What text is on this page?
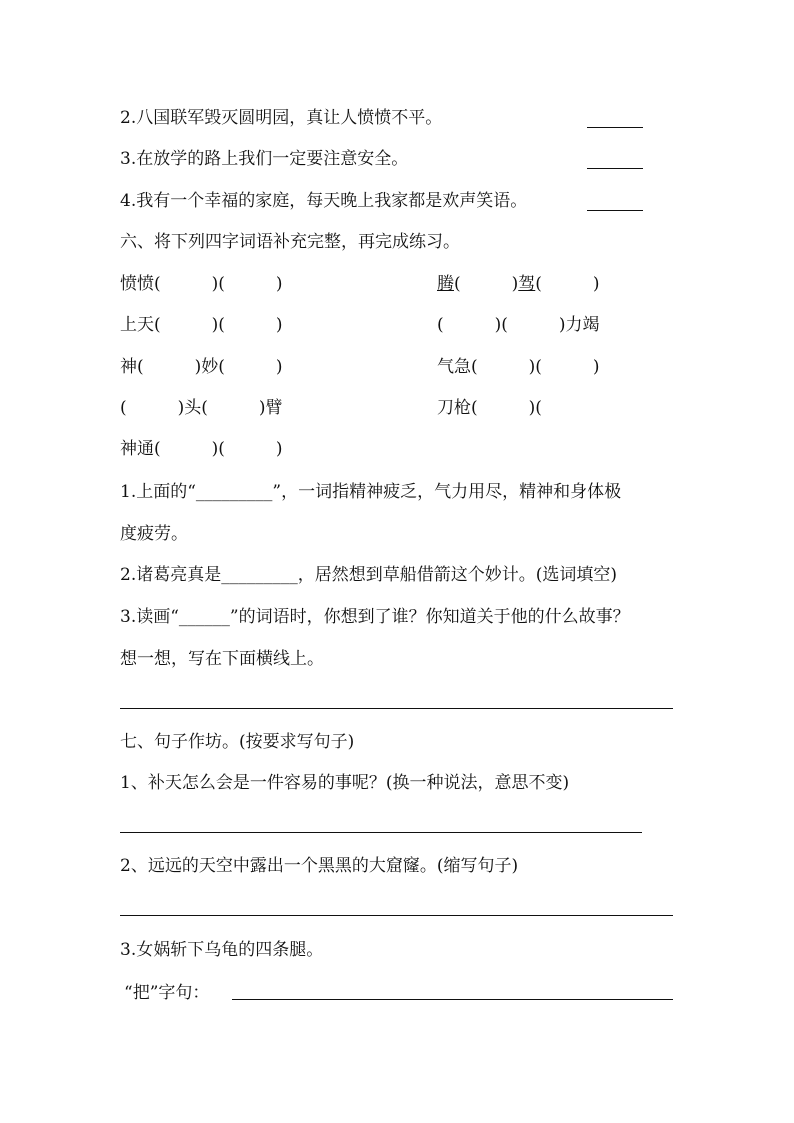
2.八国联军毁灭圆明园，真让人愤愤不平。
3.在放学的路上我们一定要注意安全。
4.我有一个幸福的家庭，每天晚上我家都是欢声笑语。
六、将下列四字词语补充完整，再完成练习。
愤愤(　　　)(　　　)	腾(　　　)驾(　　　)
上天(　　　)(　　　)	(　　　)(　　　)力竭
神(　　　)妙(　　　)	气急(　　　)(　　　)
(　　　)头(　　　)臂	刀枪(　　　)(
神通(　　　)(　　　)
1.上面的“_________”，一词指精神疲乏，气力用尽，精神和身体极
度疲劳。
2.诸葛亮真是_________，居然想到草船借箭这个妙计。(选词填空)
3.读画“______”的词语时，你想到了谁？你知道关于他的什么故事？
想一想，写在下面横线上。
七、句子作坊。(按要求写句子)
1、补天怎么会是一件容易的事呢？(换一种说法，意思不变)
2、远远的天空中露出一个黑黑的大窟窿。(缩写句子)
3.女娲斩下乌龟的四条腿。
“把”字句：
